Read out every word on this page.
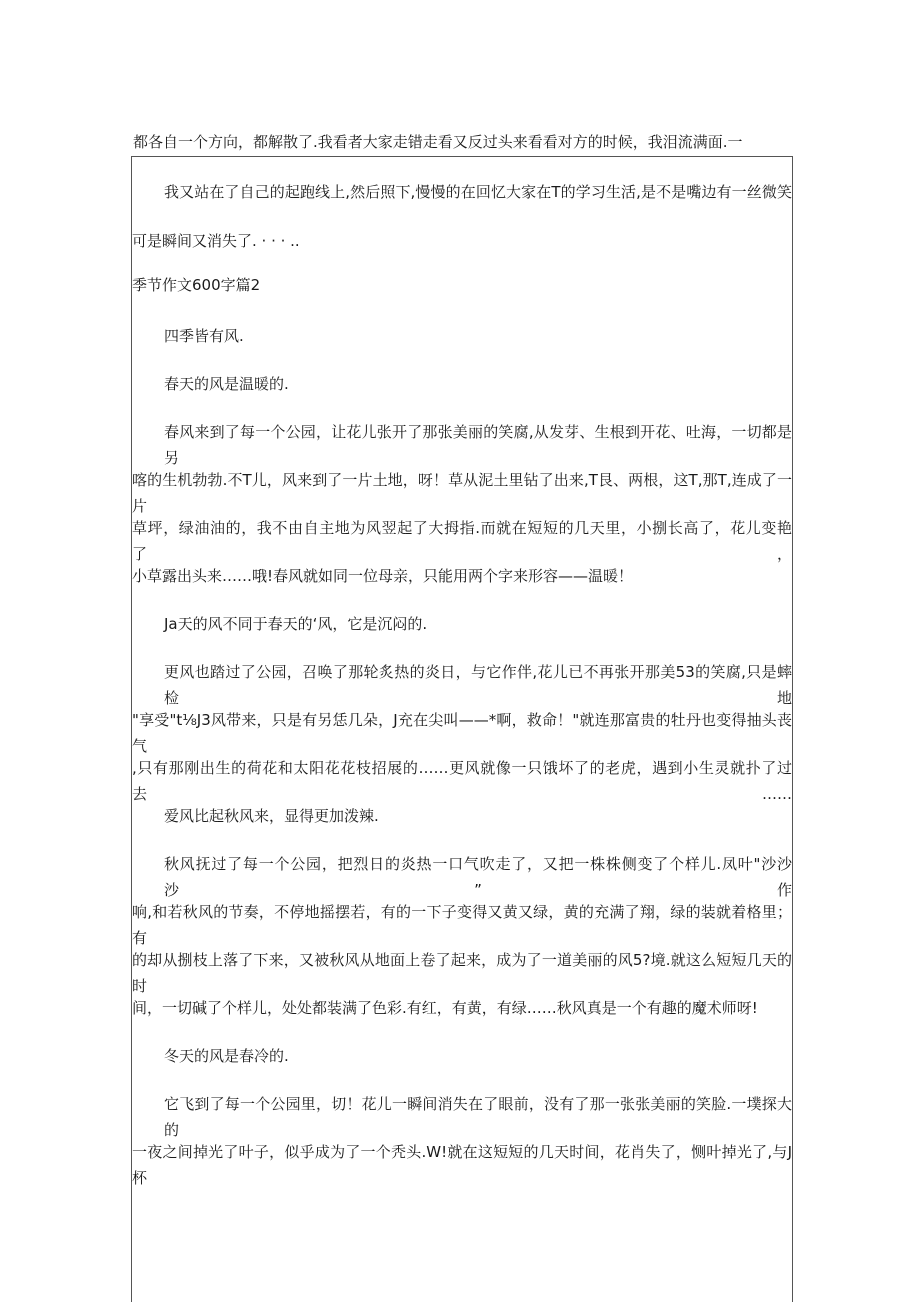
都各自一个方向，都解散了.我看者大家走错走看又反过头来看看对方的时候，我泪流满面.一
我又站在了自己的起跑线上,然后照下,慢慢的在回忆大家在T的学习生活,是不是嘴边有一丝微笑
可是瞬间又消失了. · · · ..
季节作文600字篇2
四季皆有风.
春天的风是温暖的.
春风来到了每一个公园，让花儿张开了那张美丽的笑腐,从发芽、生根到开花、吐海，一切都是另
喀的生机勃勃.不T儿，风来到了一片土地，呀！草从泥土里钻了出来,T艮、两根，这T,那T,连成了一片
草坪，绿油油的，我不由自主地为风翌起了大拇指.而就在短短的几天里，小捌长高了，花儿变艳了，
小草露出头来……哦!春风就如同一位母亲，只能用两个字来形容——温暖！
Ja天的风不同于春天的‘风，它是沉闷的.
更风也踏过了公园，召唤了那轮炙热的炎日，与它作伴,花儿已不再张开那美53的笑腐,只是蟀检地
"享受"t⅛J3风带来，只是有另恁几朵，J充在尖叫——*啊，救命！"就连那富贵的牡丹也变得抽头丧气
,只有那刚出生的荷花和太阳花花枝招展的……更风就像一只饿坏了的老虎，遇到小生灵就扑了过去……
爱风比起秋风来，显得更加泼辣.
秋风抚过了每一个公园，把烈日的炎热一口气吹走了，又把一株株侧变了个样儿.凤叶"沙沙沙”作
响,和若秋风的节奏，不停地摇摆若，有的一下子变得又黄又绿，黄的充满了翔，绿的装就着格里；有
的却从捌枝上落了下来，又被秋风从地面上卷了起来，成为了一道美丽的风5?境.就这么短短几天的时
间，一切碱了个样儿，处处都装满了色彩.有红，有黄，有绿……秋风真是一个有趣的魔术师呀!
冬天的风是春冷的.
它飞到了每一个公园里，切！花儿一瞬间消失在了眼前，没有了那一张张美丽的笑脸.一墣探大的
一夜之间掉光了叶子，似乎成为了一个秃头.W!就在这短短的几天时间，花肖失了，恻叶掉光了,与J杯
